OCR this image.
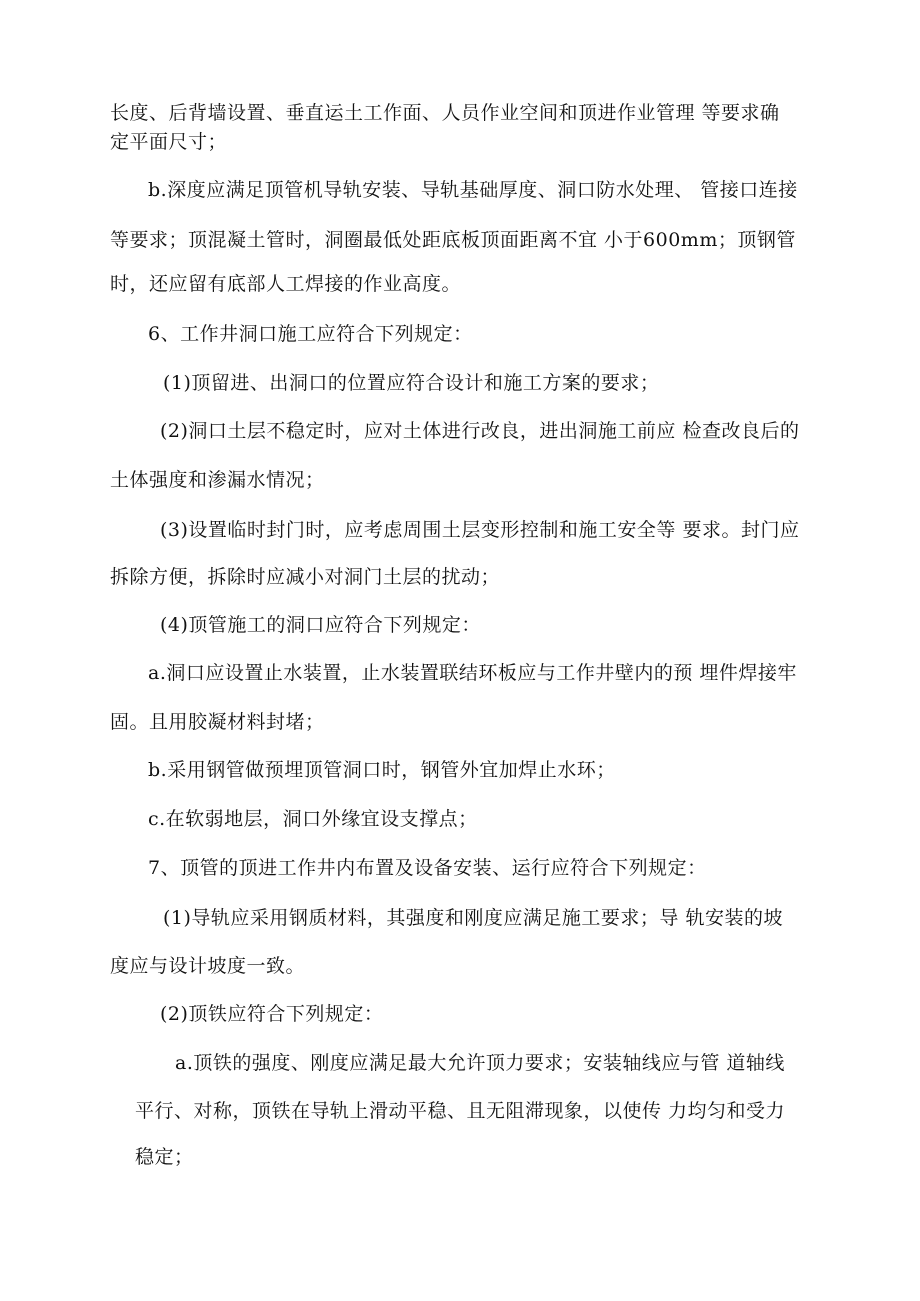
长度、后背墙设置、垂直运土工作面、人员作业空间和顶进作业管理 等要求确
定平面尺寸；
b.深度应满足顶管机导轨安装、导轨基础厚度、洞口防水处理、 管接口连接
等要求；顶混凝土管时，洞圈最低处距底板顶面距离不宜 小于600mm；顶钢管
时，还应留有底部人工焊接的作业高度。
6、工作井洞口施工应符合下列规定：
(1)顶留进、出洞口的位置应符合设计和施工方案的要求；
(2)洞口土层不稳定时，应对土体进行改良，进出洞施工前应 检查改良后的
土体强度和渗漏水情况；
(3)设置临时封门时，应考虑周围土层变形控制和施工安全等 要求。封门应
拆除方便，拆除时应减小对洞门土层的扰动；
(4)顶管施工的洞口应符合下列规定：
a.洞口应设置止水装置，止水装置联结环板应与工作井壁内的预 埋件焊接牢
固。且用胶凝材料封堵；
b.采用钢管做预埋顶管洞口时，钢管外宜加焊止水环；
c.在软弱地层，洞口外缘宜设支撑点；
7、顶管的顶进工作井内布置及设备安装、运行应符合下列规定：
(1)导轨应采用钢质材料，其强度和刚度应满足施工要求；导 轨安装的坡
度应与设计坡度一致。
(2)顶铁应符合下列规定：
a.顶铁的强度、刚度应满足最大允许顶力要求；安装轴线应与管 道轴线
平行、对称，顶铁在导轨上滑动平稳、且无阻滞现象，以使传 力均匀和受力
稳定；
